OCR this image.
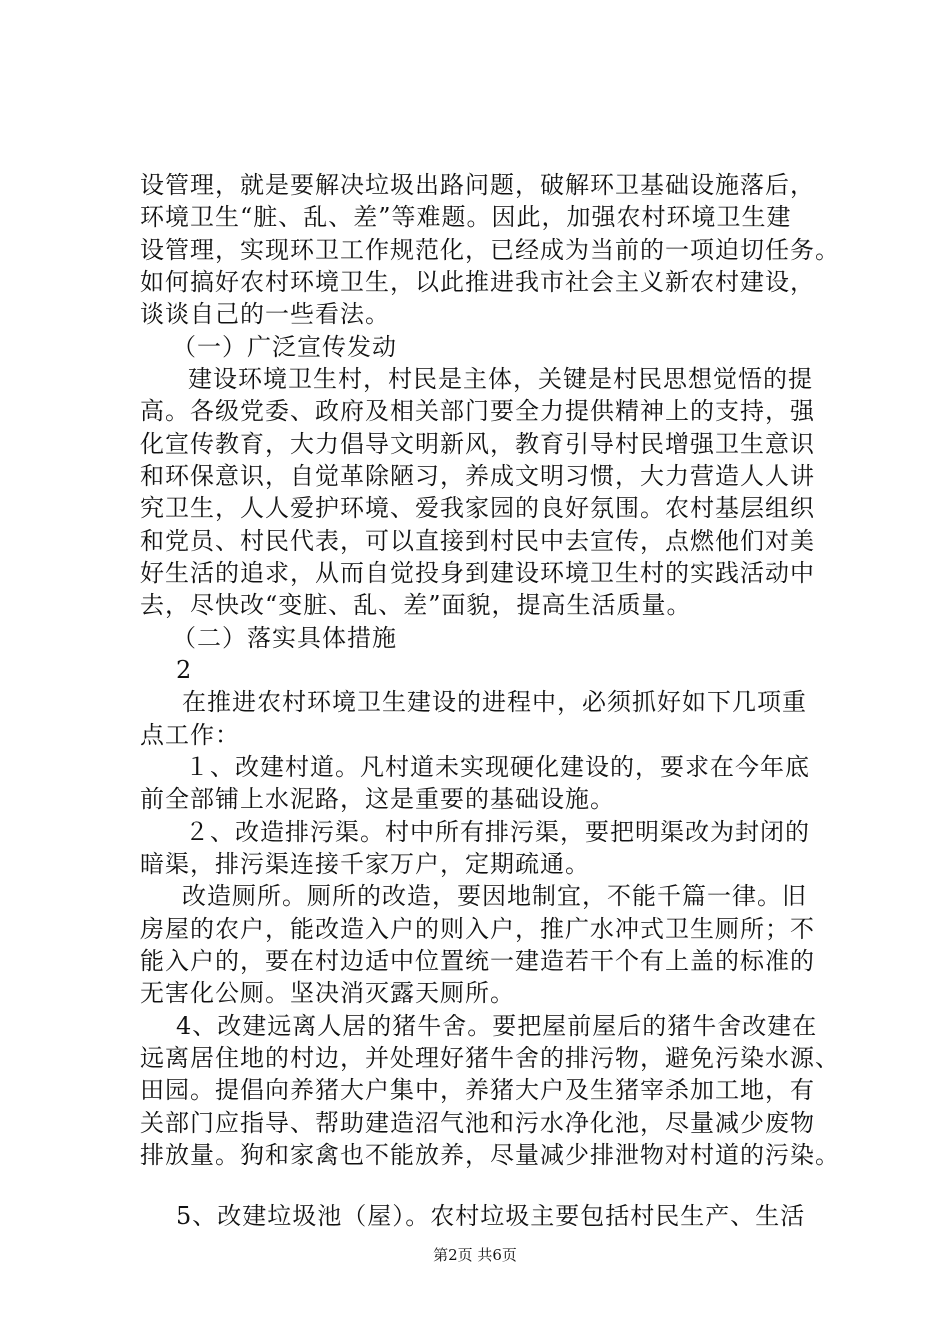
设管理，就是要解决垃圾出路问题，破解环卫基础设施落后，
环境卫生“脏、乱、差”等难题。因此，加强农村环境卫生建
设管理，实现环卫工作规范化，已经成为当前的一项迫切任务。
如何搞好农村环境卫生，以此推进我市社会主义新农村建设，
谈谈自己的一些看法。
（一）广泛宣传发动
建设环境卫生村，村民是主体，关键是村民思想觉悟的提
高。各级党委、政府及相关部门要全力提供精神上的支持，强
化宣传教育，大力倡导文明新风，教育引导村民增强卫生意识
和环保意识，自觉革除陋习，养成文明习惯，大力营造人人讲
究卫生，人人爱护环境、爱我家园的良好氛围。农村基层组织
和党员、村民代表，可以直接到村民中去宣传，点燃他们对美
好生活的追求，从而自觉投身到建设环境卫生村的实践活动中
去，尽快改“变脏、乱、差”面貌，提高生活质量。
（二）落实具体措施
2
在推进农村环境卫生建设的进程中，必须抓好如下几项重
点工作：
１、改建村道。凡村道未实现硬化建设的，要求在今年底
前全部铺上水泥路，这是重要的基础设施。
２、改造排污渠。村中所有排污渠，要把明渠改为封闭的
暗渠，排污渠连接千家万户，定期疏通。
改造厕所。厕所的改造，要因地制宜，不能千篇一律。旧
房屋的农户，能改造入户的则入户，推广水冲式卫生厕所；不
能入户的，要在村边适中位置统一建造若干个有上盖的标准的
无害化公厕。坚决消灭露天厕所。
4、改建远离人居的猪牛舍。要把屋前屋后的猪牛舍改建在
远离居住地的村边，并处理好猪牛舍的排污物，避免污染水源、
田园。提倡向养猪大户集中，养猪大户及生猪宰杀加工地，有
关部门应指导、帮助建造沼气池和污水净化池，尽量减少废物
排放量。狗和家禽也不能放养，尽量减少排泄物对村道的污染。
5、改建垃圾池（屋）。农村垃圾主要包括村民生产、生活
第2页 共6页
